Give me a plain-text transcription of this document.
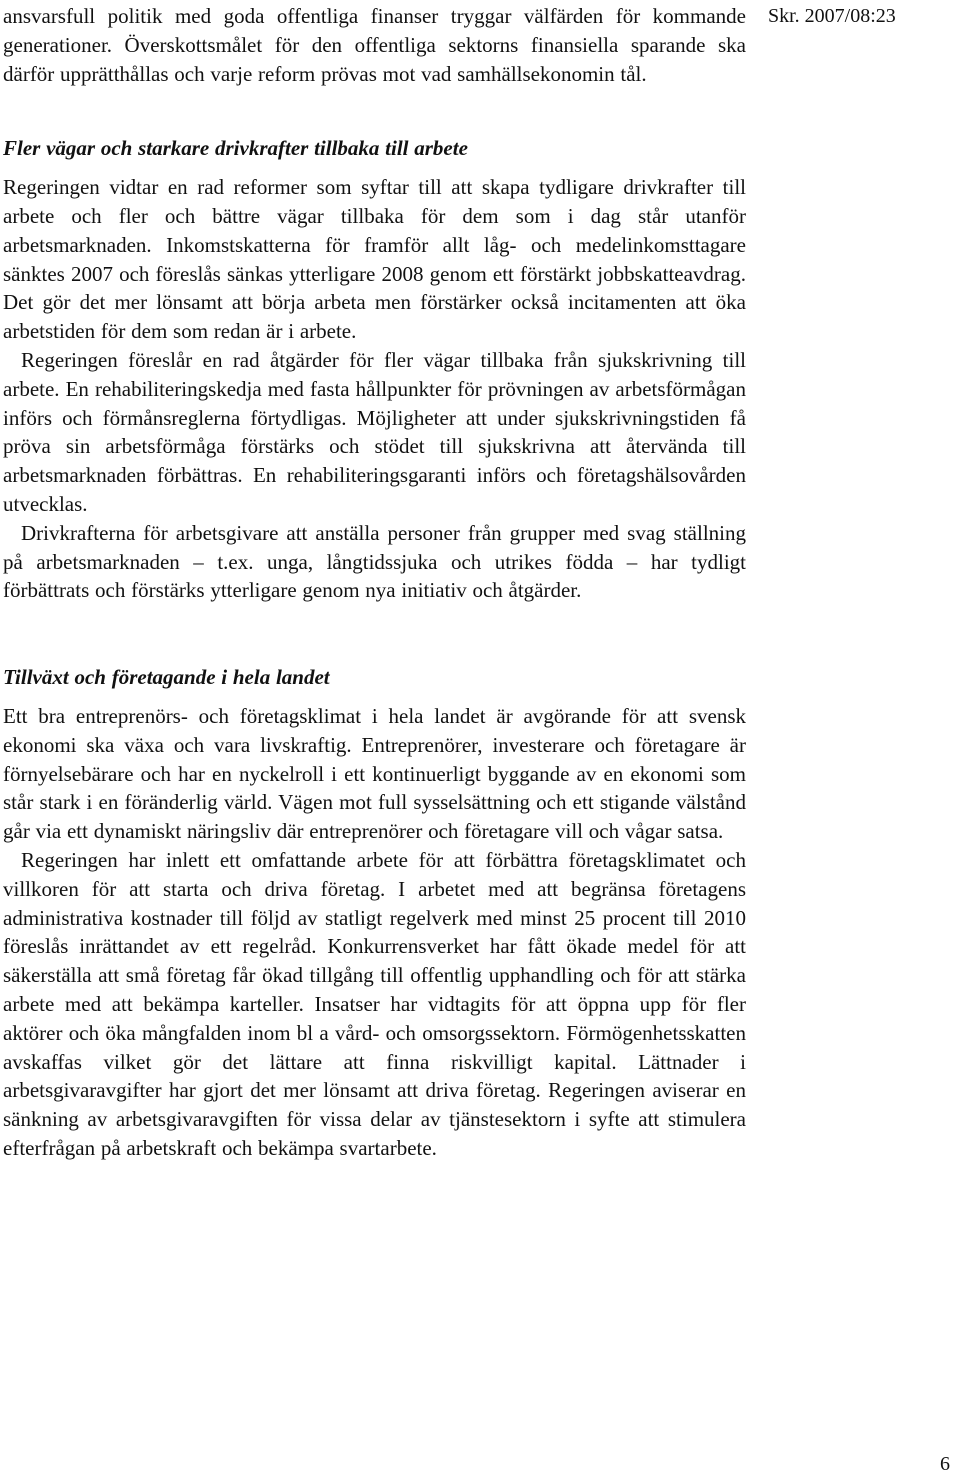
ansvarsfull politik med goda offentliga finanser tryggar välfärden för kommande generationer. Överskottsmålet för den offentliga sektorns finansiella sparande ska därför upprätthållas och varje reform prövas mot vad samhällsekonomin tål.

Fler vägar och starkare drivkrafter tillbaka till arbete

Regeringen vidtar en rad reformer som syftar till att skapa tydligare drivkrafter till arbete och fler och bättre vägar tillbaka för dem som i dag står utanför arbetsmarknaden. Inkomstskatterna för framför allt låg- och medelinkomsttagare sänktes 2007 och föreslås sänkas ytterligare 2008 genom ett förstärkt jobbskatteavdrag. Det gör det mer lönsamt att börja arbeta men förstärker också incitamenten att öka arbetstiden för dem som redan är i arbete.

Regeringen föreslår en rad åtgärder för fler vägar tillbaka från sjukskrivning till arbete. En rehabiliteringskedja med fasta hållpunkter för prövningen av arbetsförmågan införs och förmånsreglerna förtydligas. Möjligheter att under sjukskrivningstiden få pröva sin arbetsförmåga förstärks och stödet till sjukskrivna att återvända till arbetsmarknaden förbättras. En rehabiliteringsgaranti införs och företagshälsovården utvecklas.

Drivkrafterna för arbetsgivare att anställa personer från grupper med svag ställning på arbetsmarknaden – t.ex. unga, långtidssjuka och utrikes födda – har tydligt förbättrats och förstärks ytterligare genom nya initiativ och åtgärder.

Tillväxt och företagande i hela landet

Ett bra entreprenörs- och företagsklimat i hela landet är avgörande för att svensk ekonomi ska växa och vara livskraftig. Entreprenörer, investerare och företagare är förnyelsebärare och har en nyckelroll i ett kontinuerligt byggande av en ekonomi som står stark i en föränderlig värld. Vägen mot full sysselsättning och ett stigande välstånd går via ett dynamiskt näringsliv där entreprenörer och företagare vill och vågar satsa.

Regeringen har inlett ett omfattande arbete för att förbättra företagsklimatet och villkoren för att starta och driva företag. I arbetet med att begränsa företagens administrativa kostnader till följd av statligt regelverk med minst 25 procent till 2010 föreslås inrättandet av ett regelråd. Konkurrensverket har fått ökade medel för att säkerställa att små företag får ökad tillgång till offentlig upphandling och för att stärka arbete med att bekämpa karteller. Insatser har vidtagits för att öppna upp för fler aktörer och öka mångfalden inom bl a vård- och omsorgssektorn. Förmögenhetsskatten avskaffas vilket gör det lättare att finna riskvilligt kapital. Lättnader i arbetsgivaravgifter har gjort det mer lönsamt att driva företag. Regeringen aviserar en sänkning av arbetsgivaravgiften för vissa delar av tjänstesektorn i syfte att stimulera efterfrågan på arbetskraft och bekämpa svartarbete.

Skr. 2007/08:23
6
